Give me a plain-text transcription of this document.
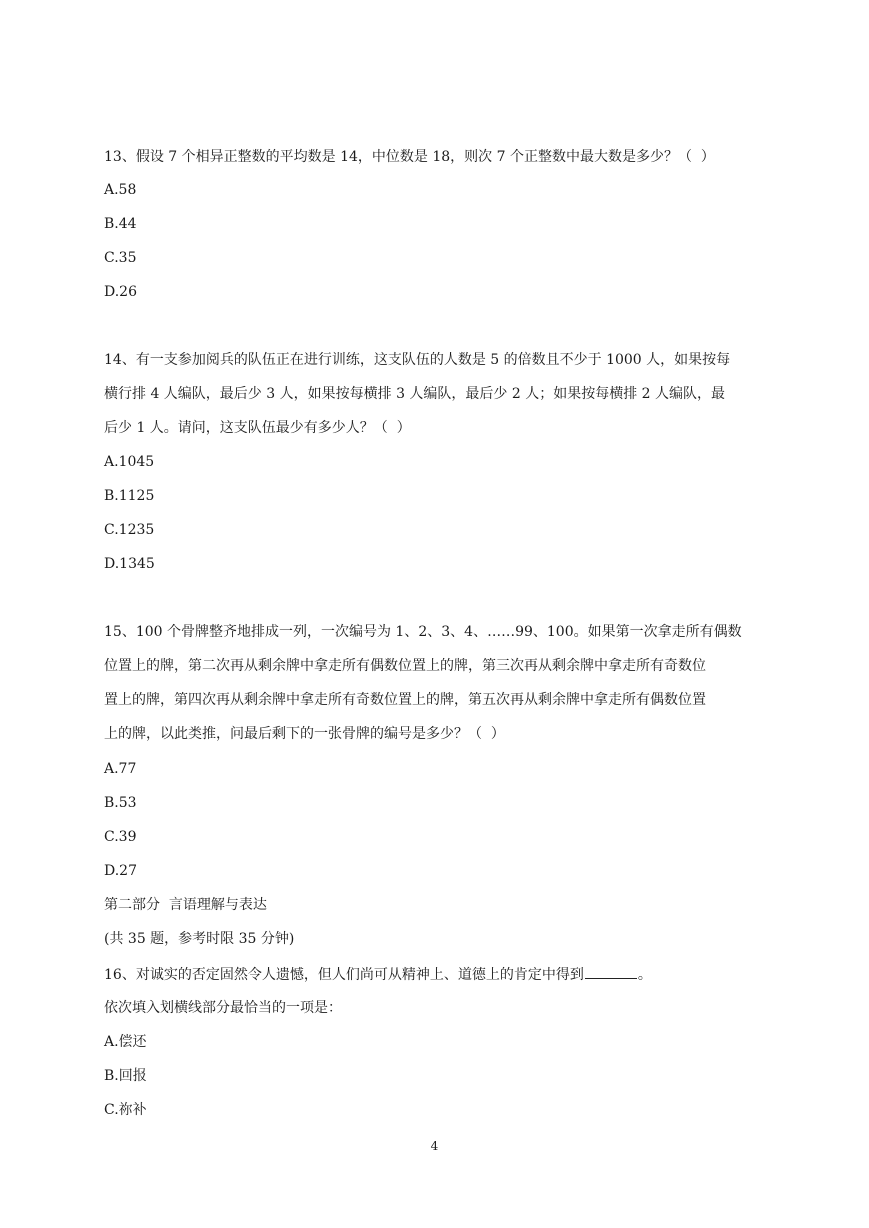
13、假设 7 个相异正整数的平均数是 14，中位数是 18，则次 7 个正整数中最大数是多少？（  ）
A.58
B.44
C.35
D.26
14、有一支参加阅兵的队伍正在进行训练，这支队伍的人数是 5 的倍数且不少于 1000 人，如果按每
横行排 4 人编队，最后少 3 人，如果按每横排 3 人编队，最后少 2 人；如果按每横排 2 人编队，最
后少 1 人。请问，这支队伍最少有多少人？（  ）
A.1045
B.1125
C.1235
D.1345
15、100 个骨牌整齐地排成一列，一次编号为 1、2、3、4、……99、100。如果第一次拿走所有偶数
位置上的牌，第二次再从剩余牌中拿走所有偶数位置上的牌，第三次再从剩余牌中拿走所有奇数位
置上的牌，第四次再从剩余牌中拿走所有奇数位置上的牌，第五次再从剩余牌中拿走所有偶数位置
上的牌，以此类推，问最后剩下的一张骨牌的编号是多少？（  ）
A.77
B.53
C.39
D.27
第二部分  言语理解与表达
(共 35 题，参考时限 35 分钟)
16、对诚实的否定固然令人遗憾，但人们尚可从精神上、道德上的肯定中得到	。
依次填入划横线部分最恰当的一项是：
A.偿还
B.回报
C.祢补
4
